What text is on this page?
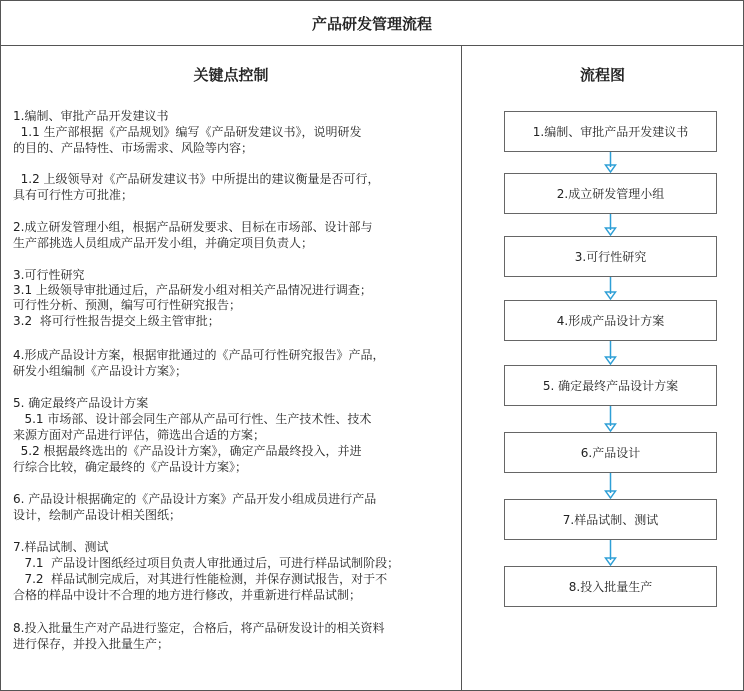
产品研发管理流程
关键点控制	流程图
1.编制、审批产品开发建议书
1.1 生产部根据《产品规划》编写《产品研发建议书》，说明研发
的目的、产品特性、市场需求、风险等内容；
1.2 上级领导对《产品研发建议书》中所提出的建议衡量是否可行，
具有可行性方可批准；
2.成立研发管理小组，根据产品研发要求、目标在市场部、设计部与
生产部挑选人员组成产品开发小组，并确定项目负责人；
3.可行性研究
3.1 上级领导审批通过后，产品研发小组对相关产品情况进行调查；
可行性分析、预测，编写可行性研究报告；
3.2  将可行性报告提交上级主管审批；
4.形成产品设计方案，根据审批通过的《产品可行性研究报告》产品，
研发小组编制《产品设计方案》；
5. 确定最终产品设计方案
5.1 市场部、设计部会同生产部从产品可行性、生产技术性、技术
来源方面对产品进行评估，筛选出合适的方案；
5.2 根据最终选出的《产品设计方案》，确定产品最终投入，并进
行综合比较，确定最终的《产品设计方案》；
6. 产品设计根据确定的《产品设计方案》产品开发小组成员进行产品
设计，绘制产品设计相关图纸；
7.样品试制、测试
7.1  产品设计图纸经过项目负责人审批通过后，可进行样品试制阶段；
7.2  样品试制完成后，对其进行性能检测，并保存测试报告，对于不
合格的样品中设计不合理的地方进行修改，并重新进行样品试制；
8.投入批量生产对产品进行鉴定，合格后，将产品研发设计的相关资料
进行保存，并投入批量生产；
1.编制、审批产品开发建议书
2.成立研发管理小组
3.可行性研究
4.形成产品设计方案
5. 确定最终产品设计方案
6.产品设计
7.样品试制、测试
8.投入批量生产
